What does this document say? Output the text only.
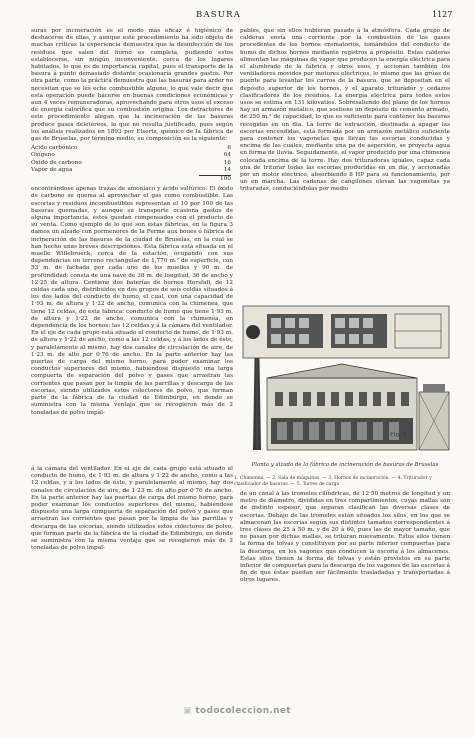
BASURA	1127

suras por incineración es el modo más eficaz é higiénico de deshacerse de ellas, y aunque este procedimiento ha sido objeto de muchas críticas la experiencia demuestra que la desinfección de los residuos que salen del horno es completa, pudiendo estos establecerse, sin ningún inconveniente, cerca de los lugares habitados, lo que es de importancia capital, pues el transporte de la basura á punto demasiado distante ocasionaría grandes gastos. Por otra parte, como la práctica demuestra que las basuras para arder no necesitan que se les eche combustible alguno, lo que vale decir que esta operación puede hacerse en buenas condiciones económicas y aun 4 veces remuneradoras, aprovechando para otros usos el exceso de energía calorífica que su combustión origina. Los detractores de este procedimiento alegan que la incineración de las basuras produce gases deletéreos, lo que no resulta justificado, pues según los análisis realizados en 1893 por Elsertz, químico de la fábrica de gas de Bruselas, por término medio, su composición es la siguiente:

Ácido carbónico	6
Oxígeno	64
Óxido de carbono	16
Vapor de agua	14
100

encontrándose apenas trazas de amoníaco y ácido sulfúrico. El óxido de carbono se quema al aprovechar el gas como combustible. Las escorias y residuos incombustibles representan el 10 por 100 de las basuras quemadas, y aunque su transporte ocasiona gastos de alguna importancia, éstos quedan compensados con el producto de su venta. Como ejemplo de lo que son estas fábricas, en la figura 3 damos un alzado con pormenores de la Ferme aux boues ó fábrica de incineración de las basuras de la ciudad de Bruselas, en la cual se han hecho unas breves descripciones. Esta fábrica está situada en el muelle Willebroeck, cerca de la estación, ocupando con sus dependencias un terreno rectangular de 1,770 m.² de superficie, con 53 m. de fachada por cada uno de los muelles y 90 m. de profundidad; consta de una nave de 38 m. de longitud, 36 de ancho y 12·25 de altura. Contiene dos baterías de hornos Horsfall, de 12 celdas cada uno, distribuidos en dos grupos de seis celdas situados á los dos lados del conducto de humo, el cual, con una capacidad de 1·93 m. de altura y 1·22 de ancho, comunica con la chimenea, que tiene 12 celdas, de esta fábrica: conducto de humo que tiene 1·93 m. de altura y 1·22 de ancho, comunica con la chimenea, en dependencia de los hornos: las 12 celdas y á la cámara del ventilador. En el eje de cada grupo está situado el conducto de humo, de 1·93 m. de altura y 1·22 de ancho, como a las 12 celdas, y á los lados de éste, y paralelamente al mismo, hay dos canales de circulación de aire, de 1·23 m. de alto por 0·76 de ancho. En la parte anterior hay las puertas de carga del mismo horno, para poder examinar los conductos superiores del mismo, habiéndose dispuesto una larga compuerta de separación del polvo y gases que arrastran las corrientes que pasan por la limpia de las parrillas y descarga de las escorias, siendo utilizados estos colectores de polvo, que forman parte de la fábrica de la ciudad de Edimburgo, en donde se suministra con la misma ventaja que se recogieron más de 2 toneladas de polvo impal-

pables, que sin ellos hubieran pasado á la atmósfera. Cada grupo de calderas envía una corriente por la combustión de los gases procedentes de los hornos crematorios, tomándolos del conducto de humo de dichos hornos mediante registros á propósito. Estas calderas alimentan las máquinas de vapor que producen la energía eléctrica para el alumbrado de la fábrica y otros usos, y accionan también los ventiladores movidos por motores eléctricos, lo mismo que las grúas de puente para levantar los carros de la basura, que se depositan en el depósito superior de los hornos, y el aparato triturador y cedazos clasificadores de los residuos. La energía eléctrica para todos estos usos se estima en 131 kilovatios. Sobresaliendo del plano de los hornos hay un armazón metálico, que sostiene un depósito de cemento armado, de 250 m.³ de capacidad, lo que es suficiente para contener las basuras recogidas en un día. La torre de extracción, destinada á apagar las escorias encendidas, está formada por un armazón metálico suficiente para contener los vagonetas que llevan las escorias conducidas y encima de las cuales, mediante una pa de aspersión, se proyecta agua en forma de lluvia. Seguidamente, el vapor producido por una chimenea colocada encima de la torre. Hay dos trituradoras iguales, capaz cada una de triturar todas las escorias producidas en un día, y accionadas por un motor eléctrico, absorbiendo 8 HP para su funcionamiento, por un en marcha. Las cadenas de cangilones elevan las vagonetas ya trituradas, conduciéndolas por medio

Fig. 3
Planta y alzado de la fábrica de incineración de basuras de Bruselas
1. Chimenea. — 2. Sala de máquinas. — 3. Hornos de incineración. — 4. Triturador y clasificador de basuras. — 5. Torres de carga

á la cámara del ventilador. En el eje de cada grupo está situado el conducto de humo, de 1·93 m. de altura y 1·22 de ancho, como a las 12 celdas, y á los lados de éste, y paralelamente al mismo, hay dos canales de circulación de aire, de 1·23 m. de alto por 0·76 de ancho. En la parte anterior hay las puertas de carga del mismo horno, para poder examinar los conductos superiores del mismo, habiéndose dispuesto una larga compuerta de separación del polvo y gases que arrastran las corrientes que pasan por la limpia de las parrillas y descarga de las escorias, siendo utilizados estos colectores de polvo, que forman parte de la fábrica de la ciudad de Edimburgo, en donde se suministra con la misma ventaja que se recogieron más de 2 toneladas de polvo impal-

de un canal á las tromeles cilíndricas, de 12·50 metros de longitud y un metro de diámetro, divididas en tres compartimientos, cuyas mallas son de distinto espesor, que separan clasifican las diversas clases de escorias. Debajo de las tromeles están situados los silos, en los que se almacenan las escorias según sus distintos tamaños correspondientes á tres clases de 25 á 50 m. y de 20 á 60, pues las de mayor tamaño, que no pasan por dichas mallas, se trituran nuevamente. Estos silos tienen la forma de tolvas y constituyen por su parte inferior compuertas para la descarga, en los vagones que conducen la escoria á los almacenes. Estas silos tienen la forma de tolvas y están provistos en su parte inferior de compuertas para la descarga de los vagones de las escorias á fin de que éstas puedan ser fácilmente trasladadas y transportadas á otros lugares.

▣ todocoleccion.net
